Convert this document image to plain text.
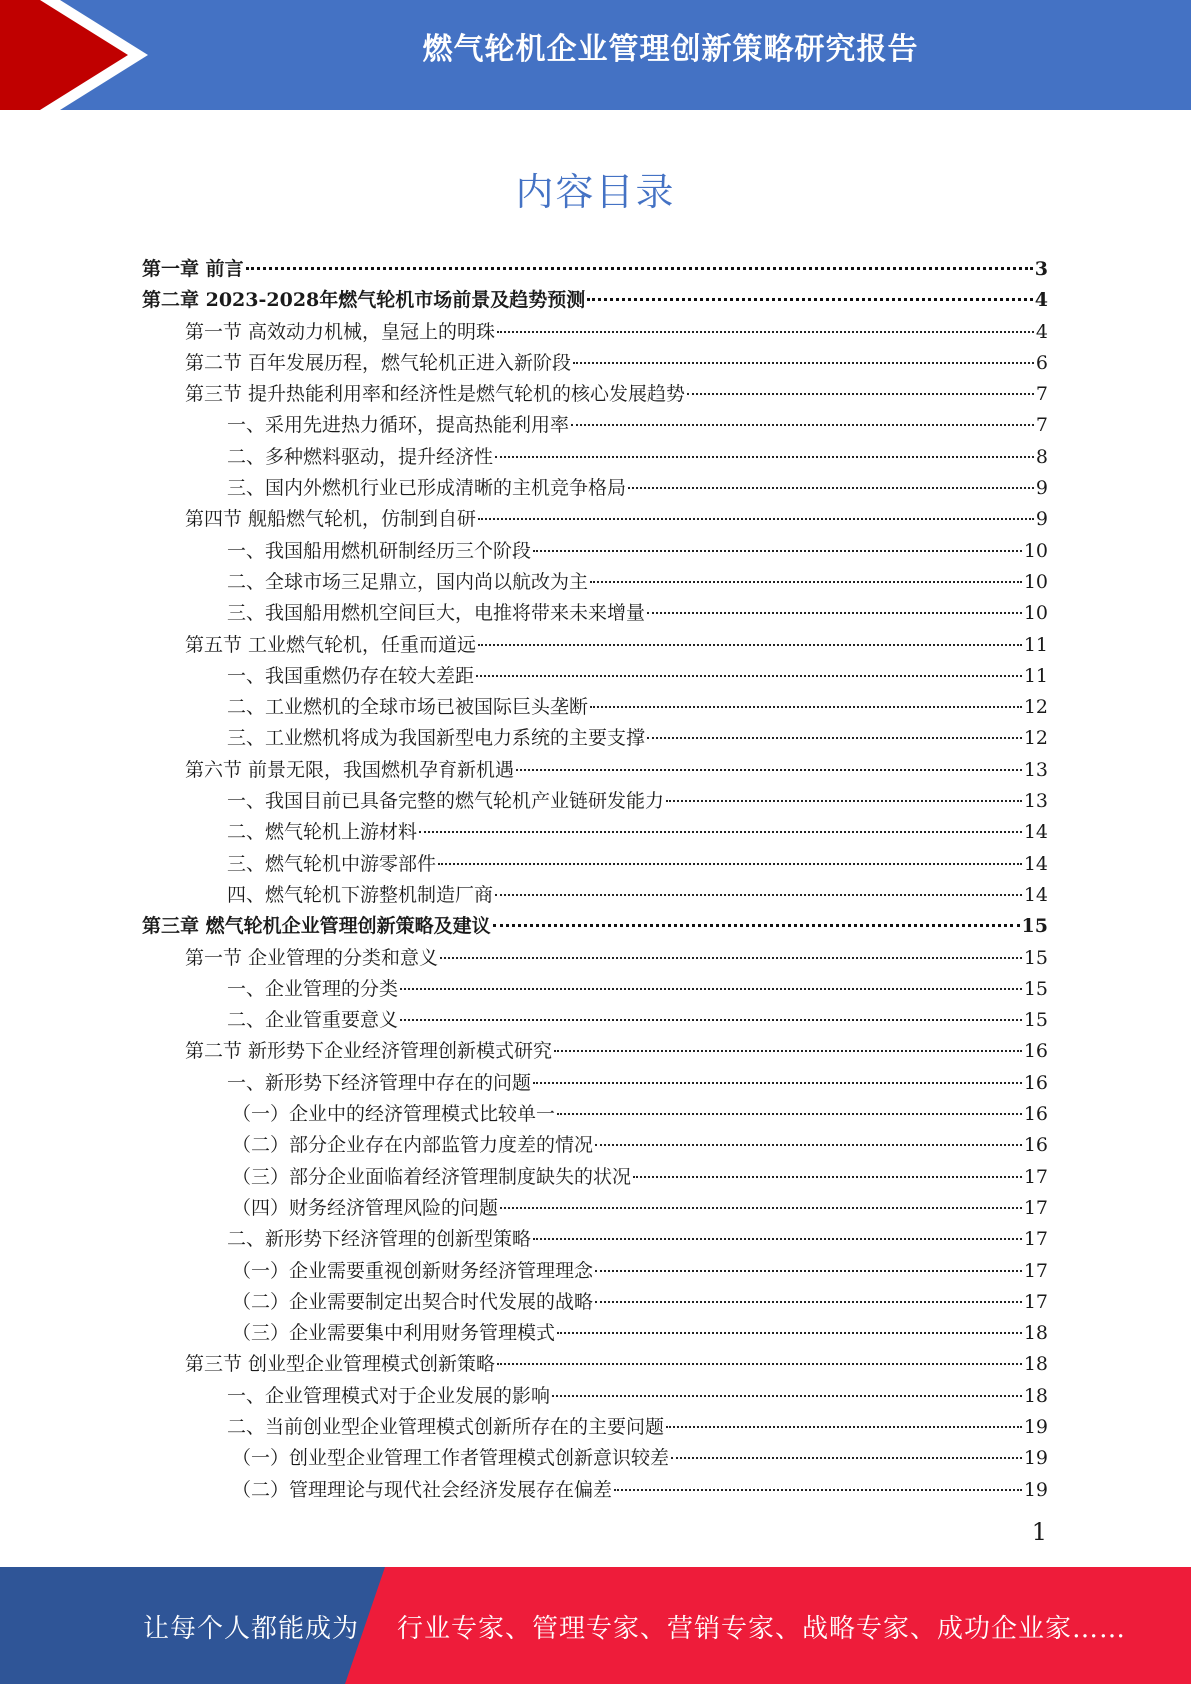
燃气轮机企业管理创新策略研究报告
内容目录
第一章 前言	3
第二章 2023-2028年燃气轮机市场前景及趋势预测	4
第一节 高效动力机械，皇冠上的明珠	4
第二节 百年发展历程，燃气轮机正进入新阶段	6
第三节 提升热能利用率和经济性是燃气轮机的核心发展趋势	7
一、采用先进热力循环，提高热能利用率	7
二、多种燃料驱动，提升经济性	8
三、国内外燃机行业已形成清晰的主机竞争格局	9
第四节 舰船燃气轮机，仿制到自研	9
一、我国船用燃机研制经历三个阶段	10
二、全球市场三足鼎立，国内尚以航改为主	10
三、我国船用燃机空间巨大，电推将带来未来增量	10
第五节 工业燃气轮机，任重而道远	11
一、我国重燃仍存在较大差距	11
二、工业燃机的全球市场已被国际巨头垄断	12
三、工业燃机将成为我国新型电力系统的主要支撑	12
第六节 前景无限，我国燃机孕育新机遇	13
一、我国目前已具备完整的燃气轮机产业链研发能力	13
二、燃气轮机上游材料	14
三、燃气轮机中游零部件	14
四、燃气轮机下游整机制造厂商	14
第三章 燃气轮机企业管理创新策略及建议	15
第一节 企业管理的分类和意义	15
一、企业管理的分类	15
二、企业管重要意义	15
第二节 新形势下企业经济管理创新模式研究	16
一、新形势下经济管理中存在的问题	16
（一）企业中的经济管理模式比较单一	16
（二）部分企业存在内部监管力度差的情况	16
（三）部分企业面临着经济管理制度缺失的状况	17
（四）财务经济管理风险的问题	17
二、新形势下经济管理的创新型策略	17
（一）企业需要重视创新财务经济管理理念	17
（二）企业需要制定出契合时代发展的战略	17
（三）企业需要集中利用财务管理模式	18
第三节 创业型企业管理模式创新策略	18
一、企业管理模式对于企业发展的影响	18
二、当前创业型企业管理模式创新所存在的主要问题	19
（一）创业型企业管理工作者管理模式创新意识较差	19
（二）管理理论与现代社会经济发展存在偏差	19
1
让每个人都能成为 行业专家、管理专家、营销专家、战略专家、成功企业家……
